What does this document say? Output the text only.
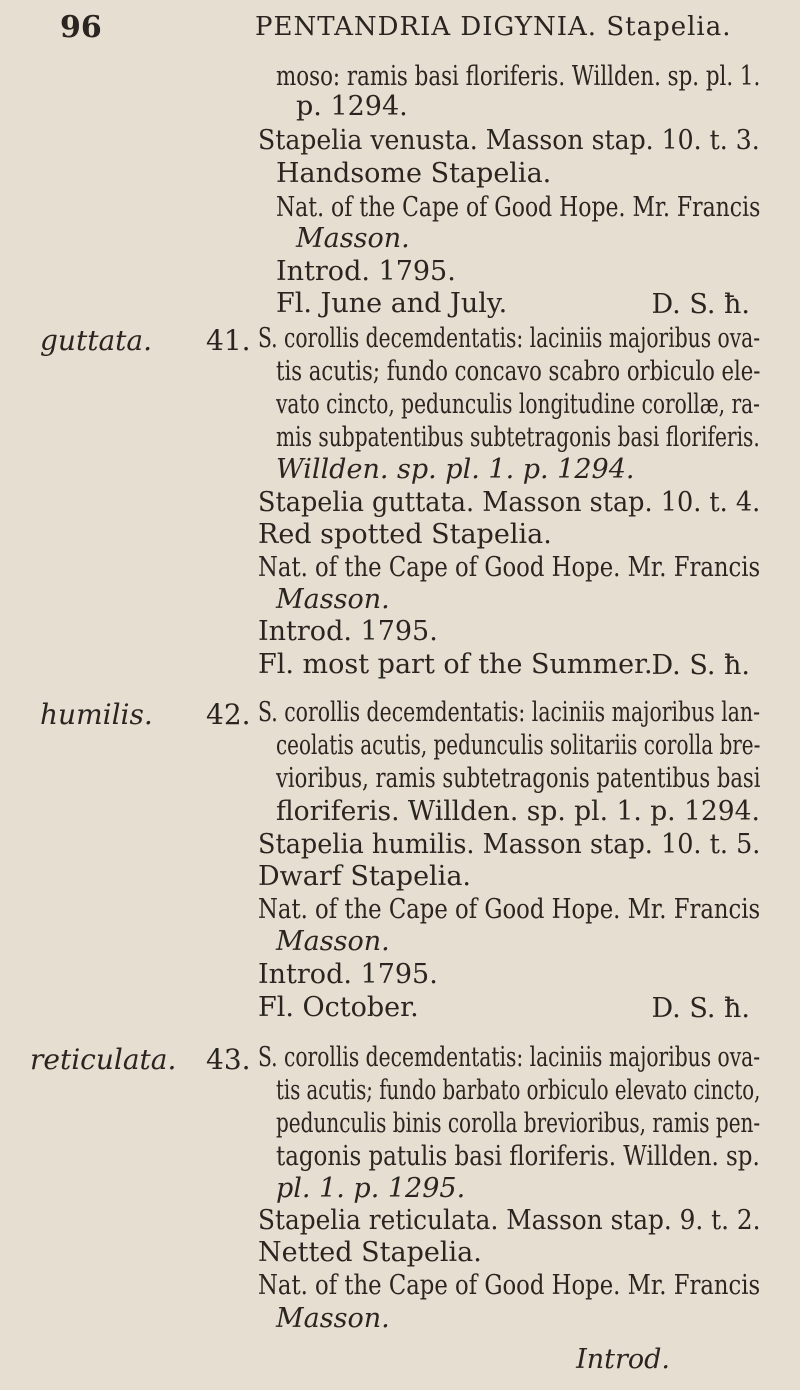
96	PENTANDRIA DIGYNIA. Stapelia.
moso: ramis basi floriferis. Willden. sp. pl. 1.
p. 1294.
Stapelia venusta. Masson stap. 10. t. 3.
Handsome Stapelia.
Nat. of the Cape of Good Hope. Mr. Francis
Masson.
Introd. 1795.
Fl. June and July.	D. S. ħ.
guttata. 41. S. corollis decemdentatis: laciniis majoribus ova-
tis acutis; fundo concavo scabro orbiculo ele-
vato cincto, pedunculis longitudine corollæ, ra-
mis subpatentibus subtetragonis basi floriferis.
Willden. sp. pl. 1. p. 1294.
Stapelia guttata. Masson stap. 10. t. 4.
Red spotted Stapelia.
Nat. of the Cape of Good Hope. Mr. Francis
Masson.
Introd. 1795.
Fl. most part of the Summer.
D. S. ħ.
humilis. 42. S. corollis decemdentatis: laciniis majoribus lan-
ceolatis acutis, pedunculis solitariis corolla bre-
vioribus, ramis subtetragonis patentibus basi
floriferis. Willden. sp. pl. 1. p. 1294.
Stapelia humilis. Masson stap. 10. t. 5.
Dwarf Stapelia.
Nat. of the Cape of Good Hope. Mr. Francis
Masson.
Introd. 1795.
Fl. October.	D. S. ħ.
reticulata. 43. S. corollis decemdentatis: laciniis majoribus ova-
tis acutis; fundo barbato orbiculo elevato cincto,
pedunculis binis corolla brevioribus, ramis pen-
tagonis patulis basi floriferis. Willden. sp.
pl. 1. p. 1295.
Stapelia reticulata. Masson stap. 9. t. 2.
Netted Stapelia.
Nat. of the Cape of Good Hope. Mr. Francis
Masson.
Introd.
